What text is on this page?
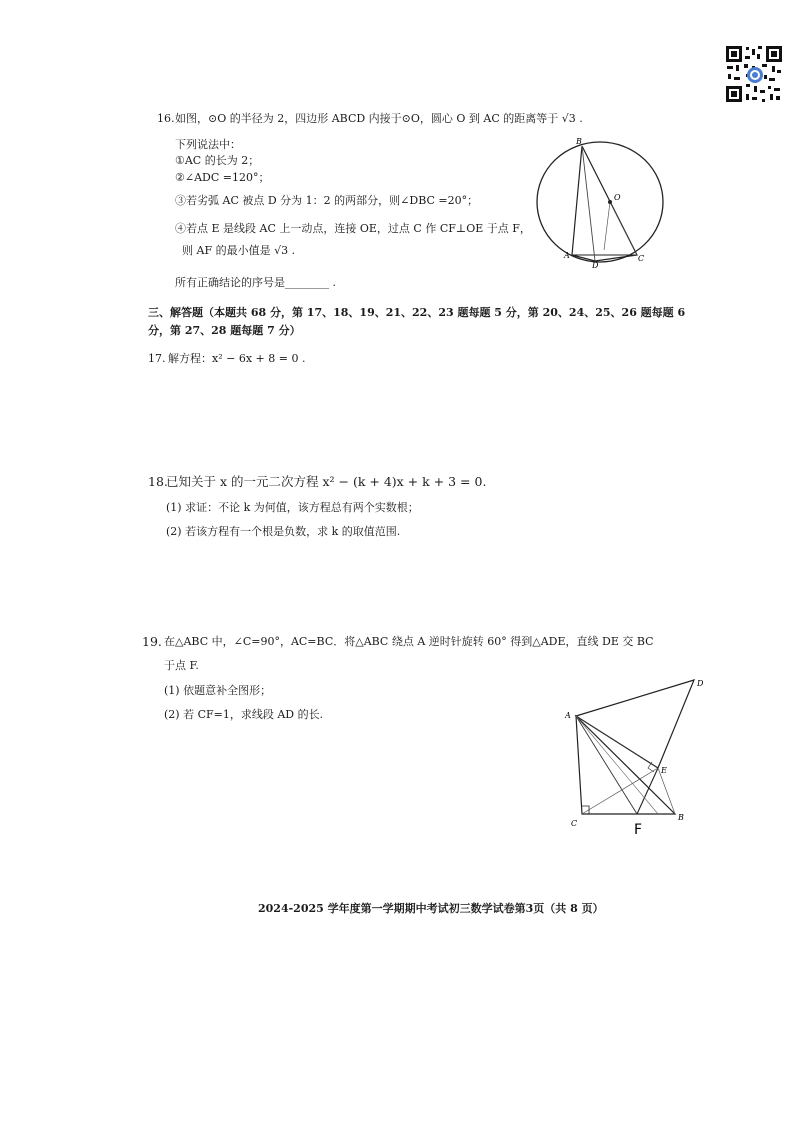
16. 如图，⊙O 的半径为 2，四边形 ABCD 内接于⊙O，圆心 O 到 AC 的距离等于 √3 .
下列说法中：
①AC 的长为 2；
②∠ADC =120°；
③若劣弧 AC 被点 D 分为 1：2 的两部分，则∠DBC =20°；
④若点 E 是线段 AC 上一动点，连接 OE，过点 C 作 CF⊥OE 于点 F，
则 AF 的最小值是 √3 .
所有正确结论的序号是________ .
B
O
A
D
C
三、解答题（本题共 68 分，第 17、18、19、21、22、23 题每题 5 分，第 20、24、25、26 题每题 6
分，第 27、28 题每题 7 分）
17. 解方程：x² − 6x + 8 = 0 .
18.
已知关于 x 的一元二次方程 x² − (k + 4)x + k + 3 = 0.
(1) 求证：不论 k 为何值，该方程总有两个实数根；
(2) 若该方程有一个根是负数，求 k 的取值范围.
19. 在△ABC 中，∠C=90°，AC=BC．将△ABC 绕点 A 逆时针旋转 60° 得到△ADE，直线 DE 交 BC
于点 F.
(1) 依题意补全图形；
(2) 若 CF=1，求线段 AD 的长.	A
D
E
C
B
F
2024-2025 学年度第一学期期中考试初三数学试卷第3页（共 8 页）
